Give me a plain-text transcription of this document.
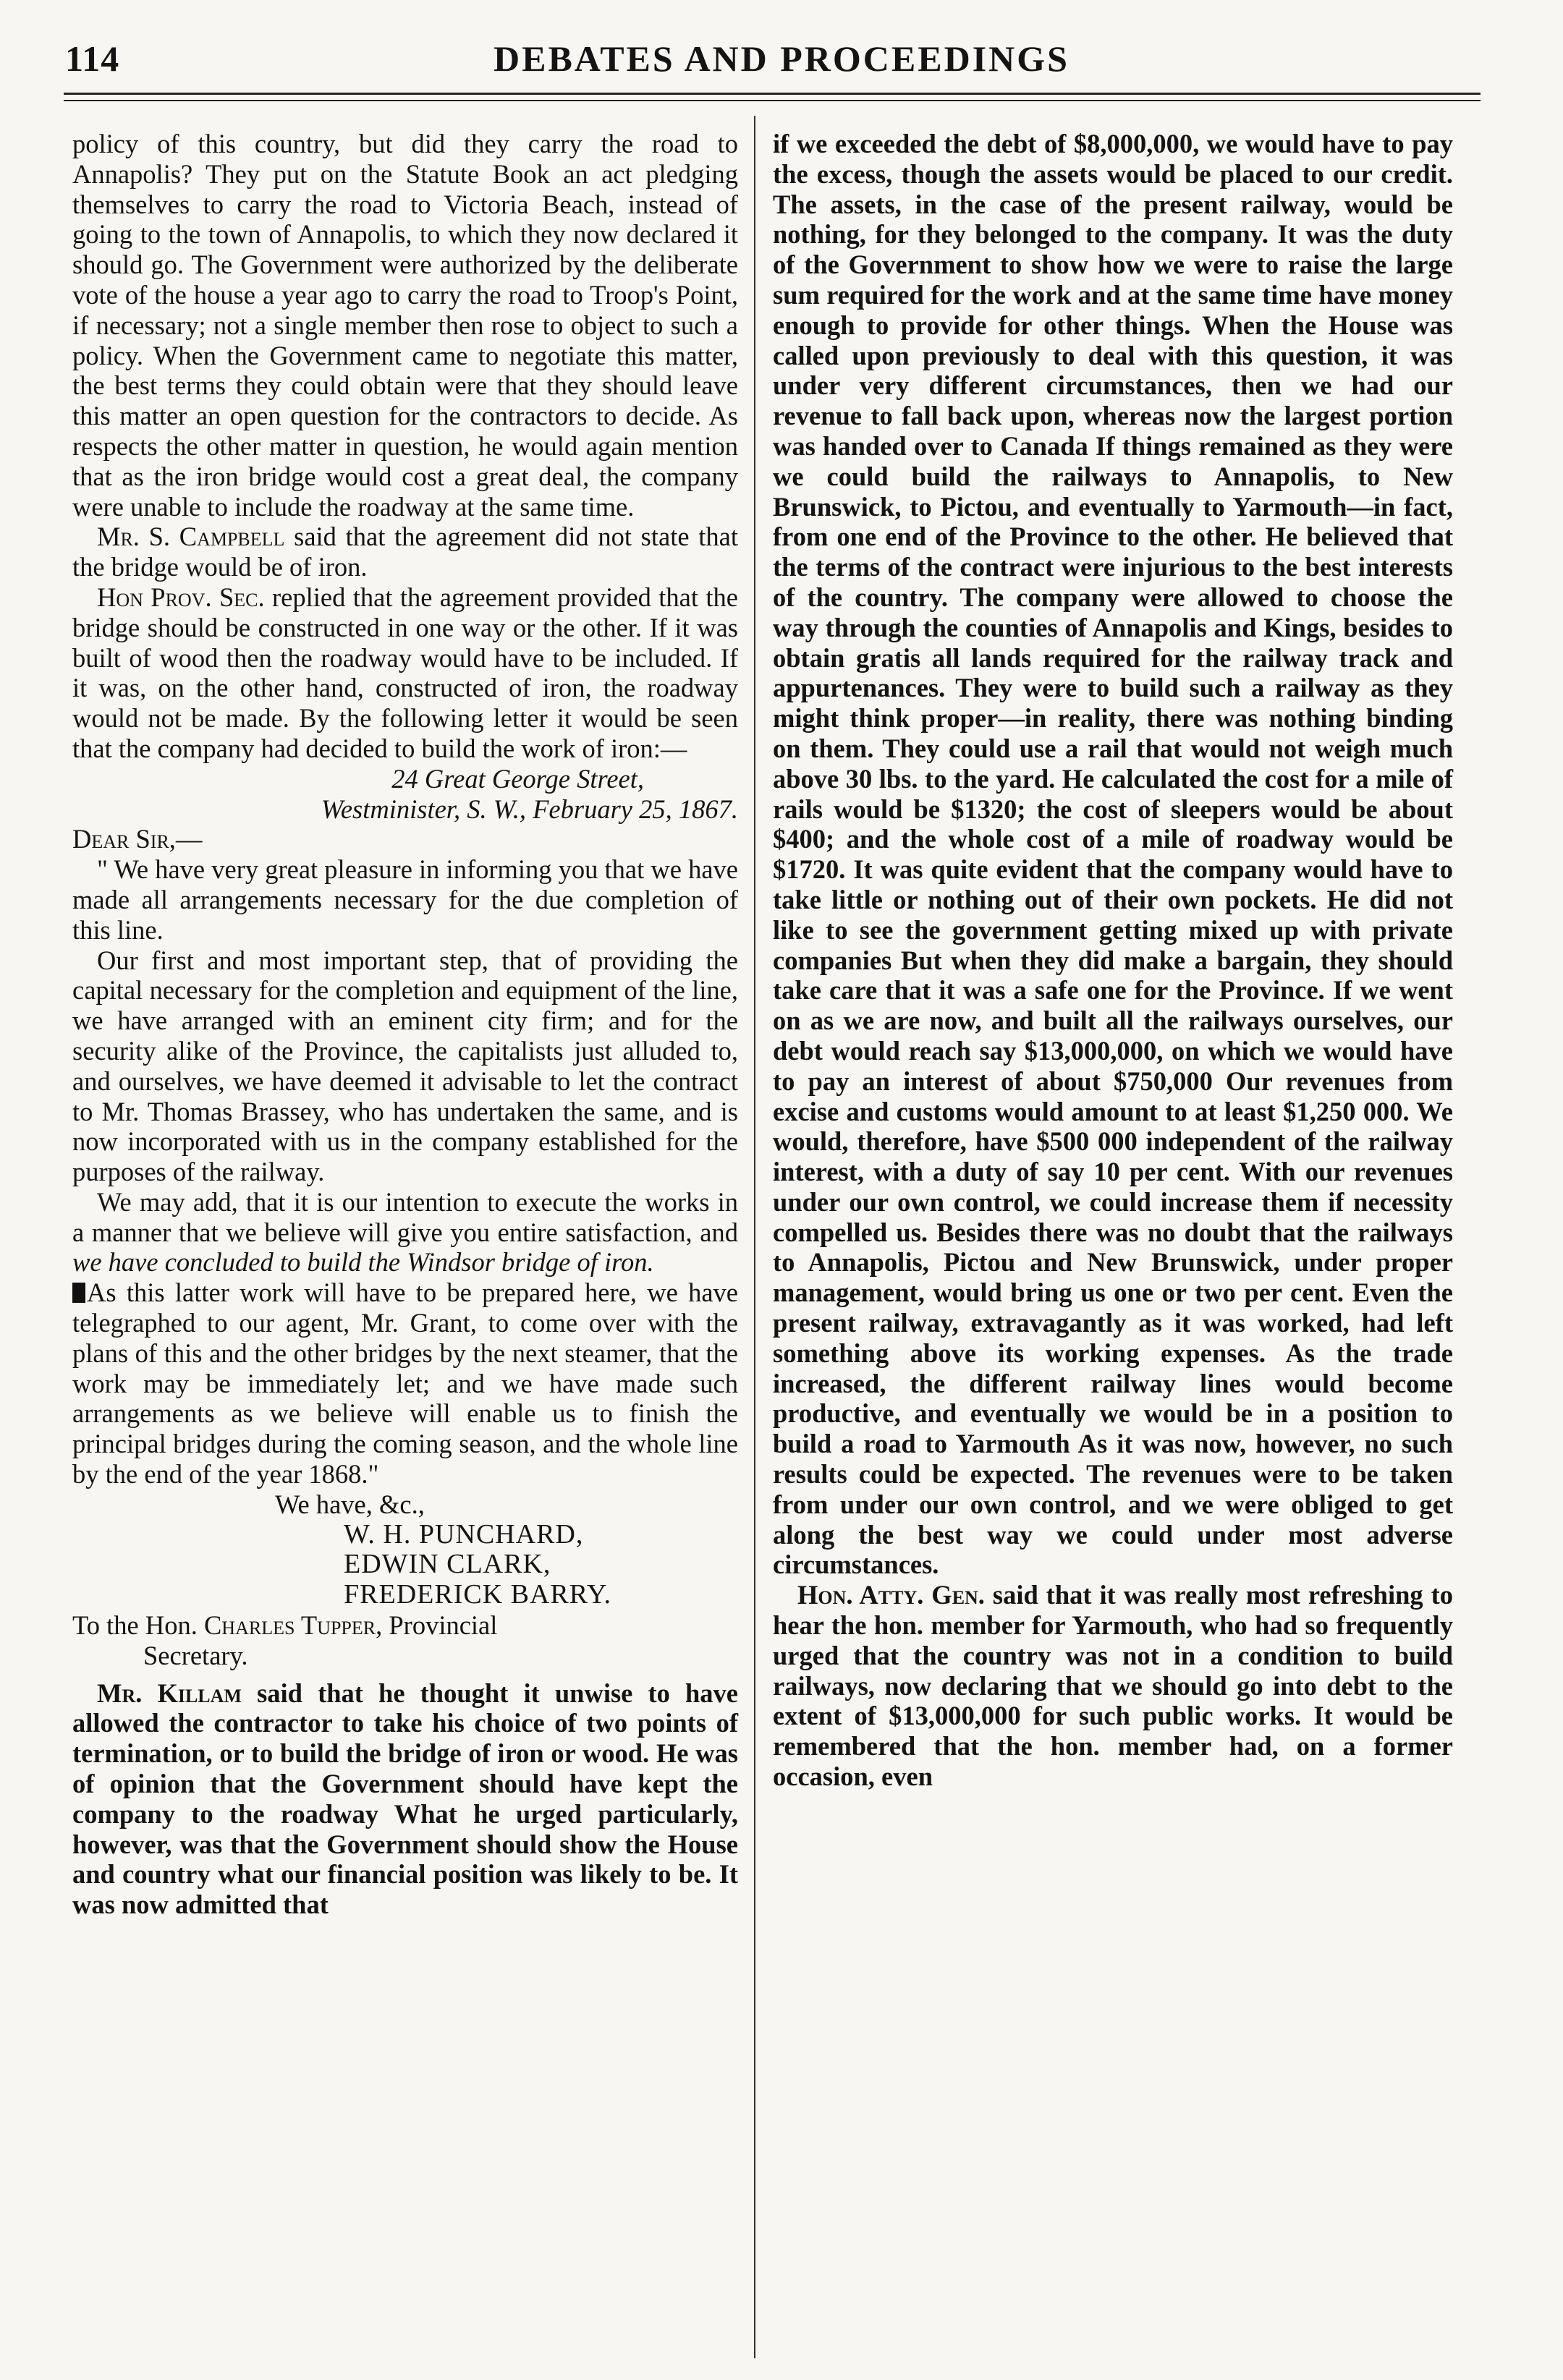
114	DEBATES AND PROCEEDINGS

policy of this country, but did they carry the road to Annapolis? They put on the Statute Book an act pledging themselves to carry the road to Victoria Beach, instead of going to the town of Annapolis, to which they now declared it should go. The Government were authorized by the deliberate vote of the house a year ago to carry the road to Troop's Point, if necessary; not a single member then rose to object to such a policy. When the Government came to negotiate this matter, the best terms they could obtain were that they should leave this matter an open question for the contractors to decide. As respects the other matter in question, he would again mention that as the iron bridge would cost a great deal, the company were unable to include the roadway at the same time.

Mr. S. Campbell said that the agreement did not state that the bridge would be of iron.

Hon Prov. Sec. replied that the agreement provided that the bridge should be constructed in one way or the other. If it was built of wood then the roadway would have to be included. If it was, on the other hand, constructed of iron, the roadway would not be made. By the following letter it would be seen that the company had decided to build the work of iron:—

24 Great George Street,

Westminister, S. W., February 25, 1867.

Dear Sir,—

" We have very great pleasure in informing you that we have made all arrangements necessary for the due completion of this line.

Our first and most important step, that of providing the capital necessary for the completion and equipment of the line, we have arranged with an eminent city firm; and for the security alike of the Province, the capitalists just alluded to, and ourselves, we have deemed it advisable to let the contract to Mr. Thomas Brassey, who has undertaken the same, and is now incorporated with us in the company established for the purposes of the railway.

We may add, that it is our intention to execute the works in a manner that we believe will give you entire satisfaction, and we have concluded to build the Windsor bridge of iron.

As this latter work will have to be prepared here, we have telegraphed to our agent, Mr. Grant, to come over with the plans of this and the other bridges by the next steamer, that the work may be immediately let; and we have made such arrangements as we believe will enable us to finish the principal bridges during the coming season, and the whole line by the end of the year 1868."

We have, &c.,

W. H. PUNCHARD,

EDWIN CLARK,

FREDERICK BARRY.

To the Hon. Charles Tupper, Provincial

Secretary.

Mr. Killam said that he thought it unwise to have allowed the contractor to take his choice of two points of termination, or to build the bridge of iron or wood. He was of opinion that the Government should have kept the company to the roadway What he urged particularly, however, was that the Government should show the House and country what our financial position was likely to be. It was now admitted that

if we exceeded the debt of $8,000,000, we would have to pay the excess, though the assets would be placed to our credit. The assets, in the case of the present railway, would be nothing, for they belonged to the company. It was the duty of the Government to show how we were to raise the large sum required for the work and at the same time have money enough to provide for other things. When the House was called upon previously to deal with this question, it was under very different circumstances, then we had our revenue to fall back upon, whereas now the largest portion was handed over to Canada If things remained as they were we could build the railways to Annapolis, to New Brunswick, to Pictou, and eventually to Yarmouth—in fact, from one end of the Province to the other. He believed that the terms of the contract were injurious to the best interests of the country. The company were allowed to choose the way through the counties of Annapolis and Kings, besides to obtain gratis all lands required for the railway track and appurtenances. They were to build such a railway as they might think proper—in reality, there was nothing binding on them. They could use a rail that would not weigh much above 30 lbs. to the yard. He calculated the cost for a mile of rails would be $1320; the cost of sleepers would be about $400; and the whole cost of a mile of roadway would be $1720. It was quite evident that the company would have to take little or nothing out of their own pockets. He did not like to see the government getting mixed up with private companies But when they did make a bargain, they should take care that it was a safe one for the Province. If we went on as we are now, and built all the railways ourselves, our debt would reach say $13,000,000, on which we would have to pay an interest of about $750,000 Our revenues from excise and customs would amount to at least $1,250 000. We would, therefore, have $500 000 independent of the railway interest, with a duty of say 10 per cent. With our revenues under our own control, we could increase them if necessity compelled us. Besides there was no doubt that the railways to Annapolis, Pictou and New Brunswick, under proper management, would bring us one or two per cent. Even the present railway, extravagantly as it was worked, had left something above its working expenses. As the trade increased, the different railway lines would become productive, and eventually we would be in a position to build a road to Yarmouth As it was now, however, no such results could be expected. The revenues were to be taken from under our own control, and we were obliged to get along the best way we could under most adverse circumstances.

Hon. Atty. Gen. said that it was really most refreshing to hear the hon. member for Yarmouth, who had so frequently urged that the country was not in a condition to build railways, now declaring that we should go into debt to the extent of $13,000,000 for such public works. It would be remembered that the hon. member had, on a former occasion, even
